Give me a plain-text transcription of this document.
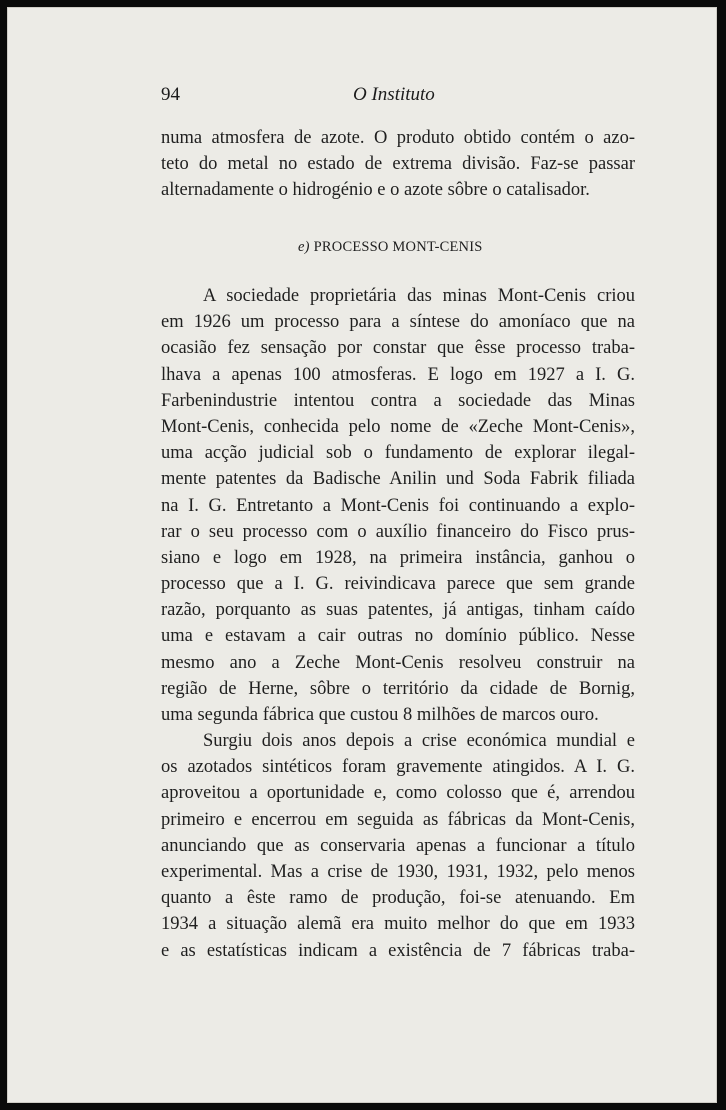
94	O Instituto
numa atmosfera de azote. O produto obtido contém o azo-
teto do metal no estado de extrema divisão. Faz-se passar
alternadamente o hidrogénio e o azote sôbre o catalisador.
e) PROCESSO MONT-CENIS
A sociedade proprietária das minas Mont-Cenis criou
em 1926 um processo para a síntese do amoníaco que na
ocasião fez sensação por constar que êsse processo traba-
lhava a apenas 100 atmosferas. E logo em 1927 a I. G.
Farbenindustrie intentou contra a sociedade das Minas
Mont-Cenis, conhecida pelo nome de «Zeche Mont-Cenis»,
uma acção judicial sob o fundamento de explorar ilegal-
mente patentes da Badische Anilin und Soda Fabrik filiada
na I. G. Entretanto a Mont-Cenis foi continuando a explo-
rar o seu processo com o auxílio financeiro do Fisco prus-
siano e logo em 1928, na primeira instância, ganhou o
processo que a I. G. reivindicava parece que sem grande
razão, porquanto as suas patentes, já antigas, tinham caído
uma e estavam a cair outras no domínio público. Nesse
mesmo ano a Zeche Mont-Cenis resolveu construir na
região de Herne, sôbre o território da cidade de Bornig,
uma segunda fábrica que custou 8 milhões de marcos ouro.
Surgiu dois anos depois a crise económica mundial e
os azotados sintéticos foram gravemente atingidos. A I. G.
aproveitou a oportunidade e, como colosso que é, arrendou
primeiro e encerrou em seguida as fábricas da Mont-Cenis,
anunciando que as conservaria apenas a funcionar a título
experimental. Mas a crise de 1930, 1931, 1932, pelo menos
quanto a êste ramo de produção, foi-se atenuando. Em
1934 a situação alemã era muito melhor do que em 1933
e as estatísticas indicam a existência de 7 fábricas traba-
